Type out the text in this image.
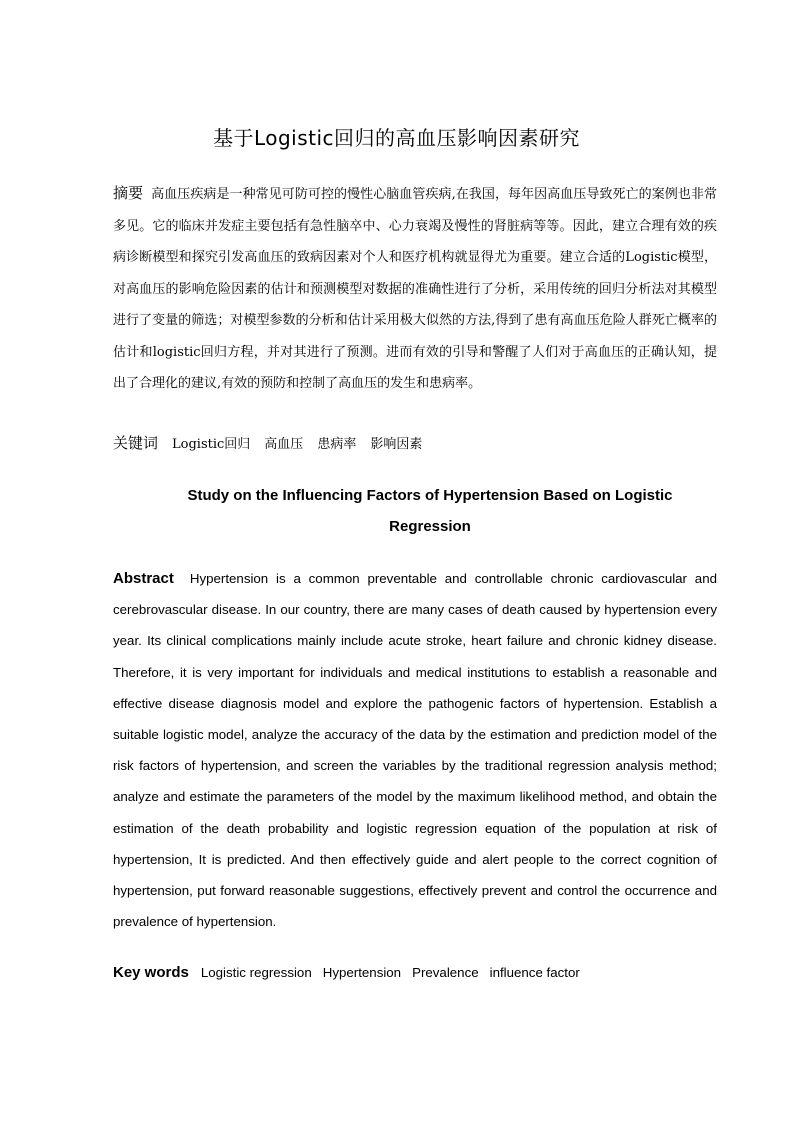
基于Logistic回归的高血压影响因素研究
摘要 高血压疾病是一种常见可防可控的慢性心脑血管疾病,在我国，每年因高血压导致死亡的案例也非常多见。它的临床并发症主要包括有急性脑卒中、心力衰竭及慢性的肾脏病等等。因此，建立合理有效的疾病诊断模型和探究引发高血压的致病因素对个人和医疗机构就显得尤为重要。建立合适的Logistic模型，对高血压的影响危险因素的估计和预测模型对数据的准确性进行了分析，采用传统的回归分析法对其模型进行了变量的筛选；对模型参数的分析和估计采用极大似然的方法,得到了患有高血压危险人群死亡概率的估计和logistic回归方程，并对其进行了预测。进而有效的引导和警醒了人们对于高血压的正确认知，提出了合理化的建议,有效的预防和控制了高血压的发生和患病率。
关键词 Logistic回归 高血压 患病率 影响因素
Study on the Influencing Factors of Hypertension Based on Logistic Regression
Abstract Hypertension is a common preventable and controllable chronic cardiovascular and cerebrovascular disease. In our country, there are many cases of death caused by hypertension every year. Its clinical complications mainly include acute stroke, heart failure and chronic kidney disease. Therefore, it is very important for individuals and medical institutions to establish a reasonable and effective disease diagnosis model and explore the pathogenic factors of hypertension. Establish a suitable logistic model, analyze the accuracy of the data by the estimation and prediction model of the risk factors of hypertension, and screen the variables by the traditional regression analysis method; analyze and estimate the parameters of the model by the maximum likelihood method, and obtain the estimation of the death probability and logistic regression equation of the population at risk of hypertension, It is predicted. And then effectively guide and alert people to the correct cognition of hypertension, put forward reasonable suggestions, effectively prevent and control the occurrence and prevalence of hypertension.
Key words Logistic regression Hypertension Prevalence influence factor
